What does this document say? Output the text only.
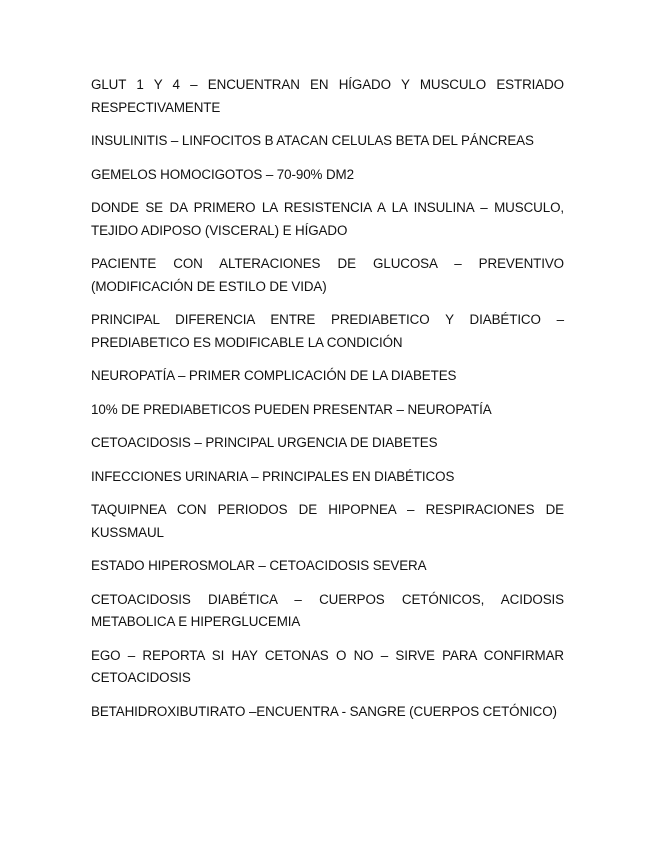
GLUT 1 Y 4 – ENCUENTRAN EN HÍGADO Y MUSCULO ESTRIADO RESPECTIVAMENTE

INSULINITIS – LINFOCITOS B ATACAN CELULAS BETA DEL PÁNCREAS

GEMELOS HOMOCIGOTOS – 70-90% DM2

DONDE SE DA PRIMERO LA RESISTENCIA A LA INSULINA – MUSCULO, TEJIDO ADIPOSO (VISCERAL) E HÍGADO

PACIENTE CON ALTERACIONES DE GLUCOSA – PREVENTIVO (MODIFICACIÓN DE ESTILO DE VIDA)

PRINCIPAL DIFERENCIA ENTRE PREDIABETICO Y DIABÉTICO – PREDIABETICO ES MODIFICABLE LA CONDICIÓN

NEUROPATÍA – PRIMER COMPLICACIÓN DE LA DIABETES

10% DE PREDIABETICOS PUEDEN PRESENTAR – NEUROPATÍA

CETOACIDOSIS – PRINCIPAL URGENCIA DE DIABETES

INFECCIONES URINARIA – PRINCIPALES EN DIABÉTICOS

TAQUIPNEA CON PERIODOS DE HIPOPNEA – RESPIRACIONES DE KUSSMAUL

ESTADO HIPEROSMOLAR – CETOACIDOSIS SEVERA

CETOACIDOSIS DIABÉTICA – CUERPOS CETÓNICOS, ACIDOSIS METABOLICA E HIPERGLUCEMIA

EGO – REPORTA SI HAY CETONAS O NO – SIRVE PARA CONFIRMAR CETOACIDOSIS

BETAHIDROXIBUTIRATO –ENCUENTRA - SANGRE (CUERPOS CETÓNICO)
